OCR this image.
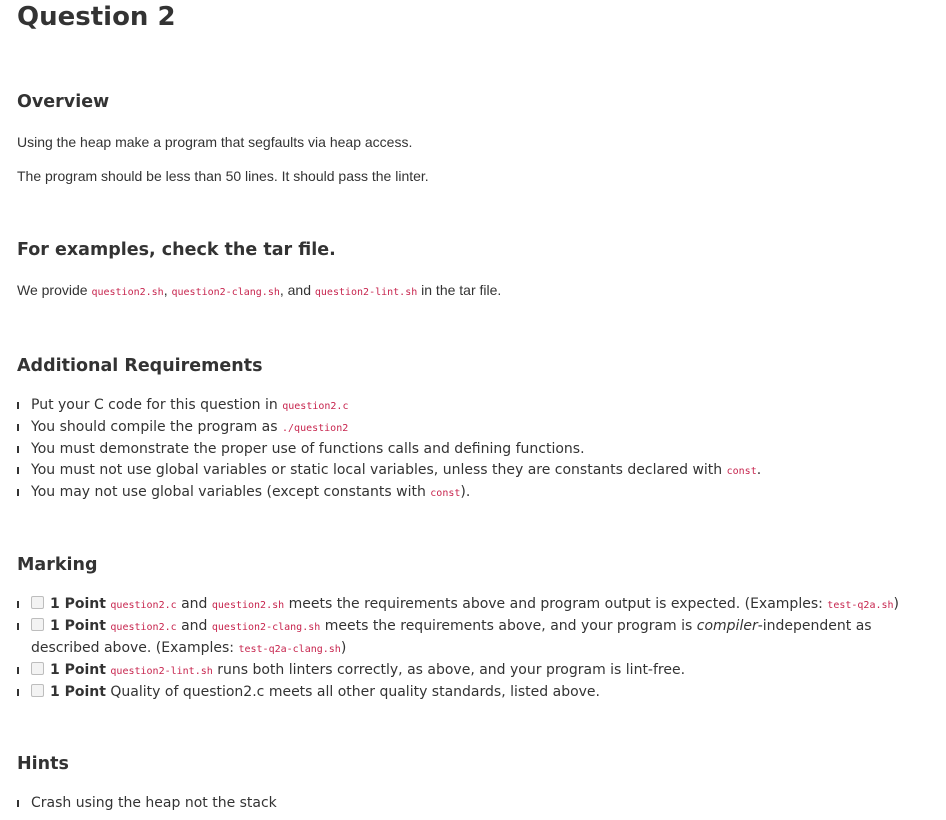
Question 2
Overview

Using the heap make a program that segfaults via heap access.

The program should be less than 50 lines. It should pass the linter.

For examples, check the tar file.

We provide question2.sh, question2-clang.sh, and question2-lint.sh in the tar file.

Additional Requirements
Put your C code for this question in question2.c
You should compile the program as ./question2
You must demonstrate the proper use of functions calls and defining functions.
You must not use global variables or static local variables, unless they are constants declared with const.
You may not use global variables (except constants with const).
Marking
1 Point question2.c and question2.sh meets the requirements above and program output is expected. (Examples: test-q2a.sh)
1 Point question2.c and question2-clang.sh meets the requirements above, and your program is compiler-independent as described above. (Examples: test-q2a-clang.sh)
1 Point question2-lint.sh runs both linters correctly, as above, and your program is lint-free.
1 Point Quality of question2.c meets all other quality standards, listed above.
Hints
Crash using the heap not the stack
